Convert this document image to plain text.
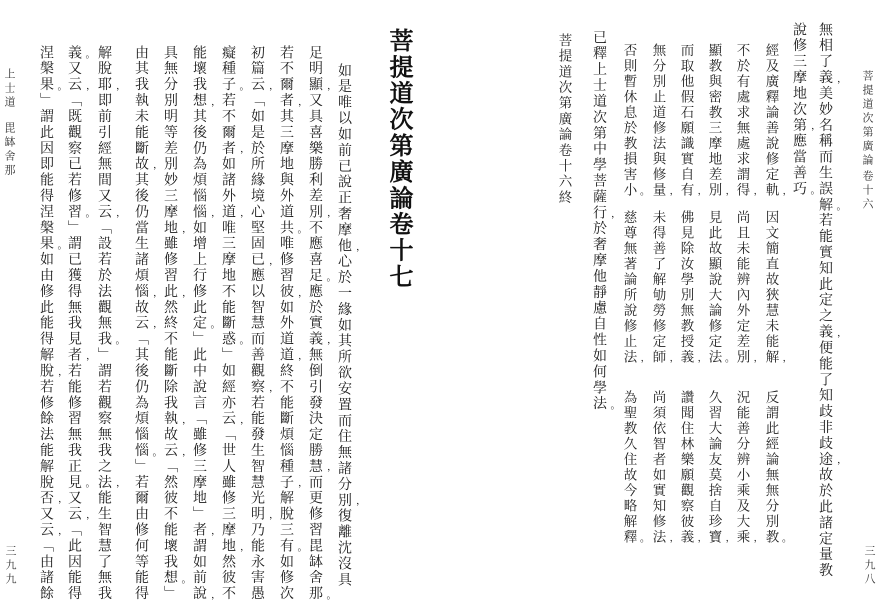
菩提道次第廣論
卷十六
三九八
無相了義，美妙名稱而生誤解。若能實知此定之義，便能了知歧非歧途，故於此諸定量教
說修三摩地次第，應當善巧。
經及廣釋論善說修定軌，
因文簡直故狹慧未能解，
反謂此經論無無分別教。
不於有處求無處求謂得，
尚且未能辨內外定差別，
況能善分辨小乘及大乘，
顯教與密教三摩地差別，
見此故顯說大論修定法。
久習大論友莫捨自珍寶，
而取他假石願識實自有，
佛見除汝學別無教授義，
讚聞住林樂願觀察彼義，
無分別止道修法與修量，
未得善了解劬勞修定師，
尚須依智者如實知修法，
否則暫休息於教損害小。
慈尊無著論所說修止法，
為聖教久住故今略解釋。
已釋上士道次第中學菩薩行，於奢摩他靜慮自性如何學法。
菩提道次第廣論卷十六終
菩提道次第廣論卷十七
如是唯以如前已說正奢摩他，心於一緣如其所欲安置而住無諸分別，復離沈沒具
足明顯，又具喜樂勝利差別，不應喜足。應於實義，無倒引發決定勝慧，而更修習毘缽舍那。
若不爾者，其三摩地與外道共。唯修習彼，如外道道，終不能斷煩惱種子，解脫三有。如修次
初篇云，「如是於所緣境心堅固已，應以智慧而善觀察，若能發生智慧光明，乃能永害愚
癡種子。若不爾者，如諸外道，唯三摩地不能斷惑。」如經亦云，「世人雖修三摩地，然彼不
能壞我想，其後仍為煩惱惱，如增上行修此定。」此中說言「雖修三摩地」者，謂如前說，
具無分別明等差別妙三摩地，雖修習此，然終不能斷除我執，故云，「然彼不能壞我想。」
由其我執未能斷故，其後仍當生諸煩惱，故云，「其後仍為煩惱惱。」若爾由修何等能得
解脫耶，即前引經無間又云，「設若於法觀無我。」謂若觀察無我之法，能生智慧了無我
義。又云，「既觀察已若修習。」謂已獲得無我見者，若能修習無我正見。又云，「此因能得
涅槃果。」謂此因即能得涅槃果。如由修此能得解脫，若修餘法能解脫否，又云，「由諸餘
上士道
毘缽舍那
三九九
